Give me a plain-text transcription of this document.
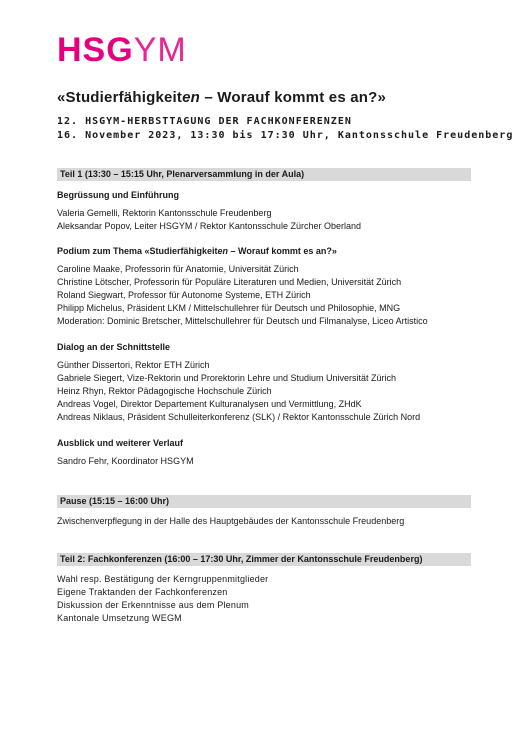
HSGYM
«Studierfähigkeiten – Worauf kommt es an?»
12. HSGYM-HERBSTTAGUNG DER FACHKONFERENZEN
16. November 2023, 13:30 bis 17:30 Uhr, Kantonsschule Freudenberg
Teil 1 (13:30 – 15:15 Uhr, Plenarversammlung in der Aula)
Begrüssung und Einführung
Valeria Gemelli, Rektorin Kantonsschule Freudenberg
Aleksandar Popov, Leiter HSGYM / Rektor Kantonsschule Zürcher Oberland
Podium zum Thema «Studierfähigkeiten – Worauf kommt es an?»
Caroline Maake, Professorin für Anatomie, Universität Zürich
Christine Lötscher, Professorin für Populäre Literaturen und Medien, Universität Zürich
Roland Siegwart, Professor für Autonome Systeme, ETH Zürich
Philipp Michelus, Präsident LKM / Mittelschullehrer für Deutsch und Philosophie, MNG
Moderation: Dominic Bretscher, Mittelschullehrer für Deutsch und Filmanalyse, Liceo Artistico
Dialog an der Schnittstelle
Günther Dissertori, Rektor ETH Zürich
Gabriele Siegert, Vize-Rektorin und Prorektorin Lehre und Studium Universität Zürich
Heinz Rhyn, Rektor Pädagogische Hochschule Zürich
Andreas Vogel, Direktor Departement Kulturanalysen und Vermittlung, ZHdK
Andreas Niklaus, Präsident Schulleiterkonferenz (SLK) / Rektor Kantonsschule Zürich Nord
Ausblick und weiterer Verlauf
Sandro Fehr, Koordinator HSGYM
Pause (15:15 – 16:00 Uhr)
Zwischenverpflegung in der Halle des Hauptgebäudes der Kantonsschule Freudenberg
Teil 2: Fachkonferenzen (16:00 – 17:30 Uhr, Zimmer der Kantonsschule Freudenberg)
Wahl resp. Bestätigung der Kerngruppenmitglieder
Eigene Traktanden der Fachkonferenzen
Diskussion der Erkenntnisse aus dem Plenum
Kantonale Umsetzung WEGM
